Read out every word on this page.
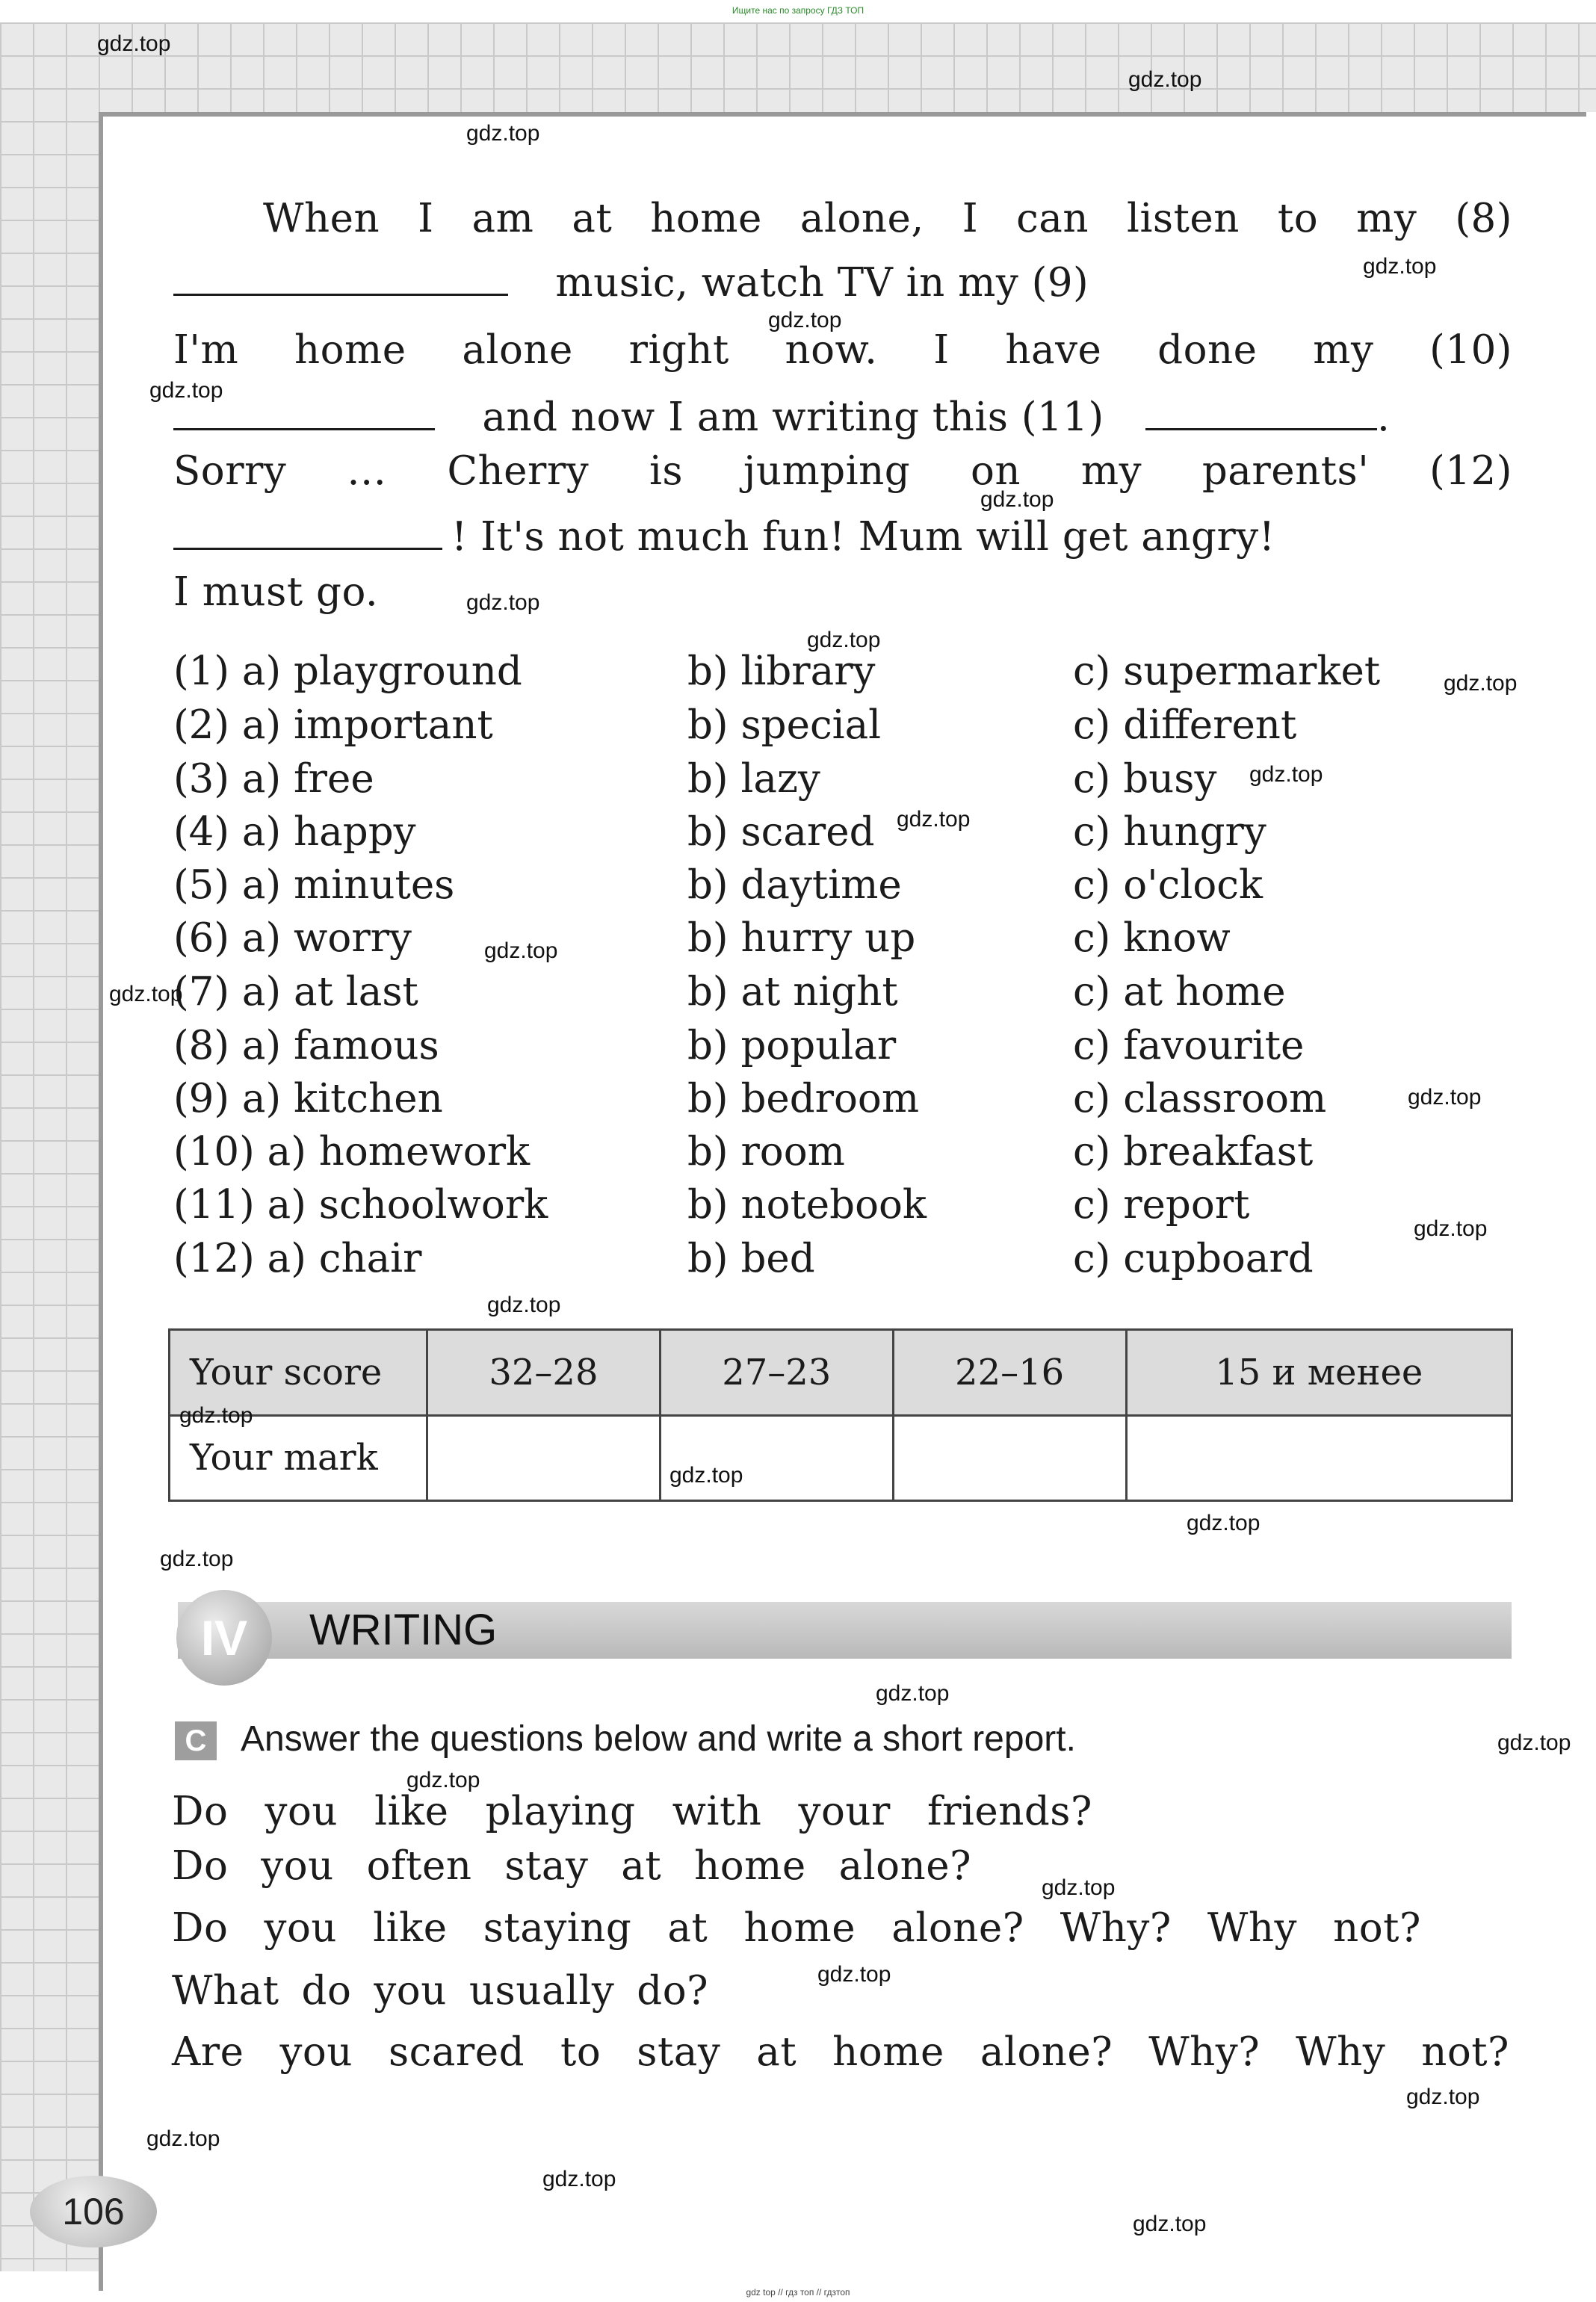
Ищите нас по запросу ГДЗ ТОП
When I am at home alone, I can listen to my (8)
music, watch TV in my (9)
I'm home alone right now. I have done my (10)
and now I am writing this (11)	.
Sorry … Cherry is jumping on my parents' (12)
! It's not much fun! Mum will get angry!
I must go.
(1) a) playground	b) library	c) supermarket
(2) a) important	b) special	c) different
(3) a) free	b) lazy	c) busy
(4) a) happy	b) scared	c) hungry
(5) a) minutes	b) daytime	c) o'clock
(6) a) worry	b) hurry up	c) know
(7) a) at last	b) at night	c) at home
(8) a) famous	b) popular	c) favourite
(9) a) kitchen	b) bedroom	c) classroom
(10) a) homework	b) room	c) breakfast
(11) a) schoolwork	b) notebook	c) report
(12) a) chair	b) bed	c) cupboard
Your score	32–28	27–23	22–16	15 и менее
Your mark				
IV	WRITING
C Answer the questions below and write a short report.
Do you like playing with your friends?
Do you often stay at home alone?
Do you like staying at home alone? Why? Why not?
What do you usually do?
Are you scared to stay at home alone? Why? Why not?
106
gdz.top
gdz.top
gdz.top
gdz.top
gdz.top
gdz.top
gdz.top
gdz.top
gdz.top
gdz.top
gdz.top
gdz.top
gdz.top
gdz.top
gdz.top
gdz.top
gdz.top
gdz.top
gdz.top
gdz.top
gdz.top
gdz.top
gdz.top
gdz.top
gdz.top
gdz.top
gdz.top
gdz.top
gdz.top
gdz.top
gdz top // гдз топ // гдзтоп
